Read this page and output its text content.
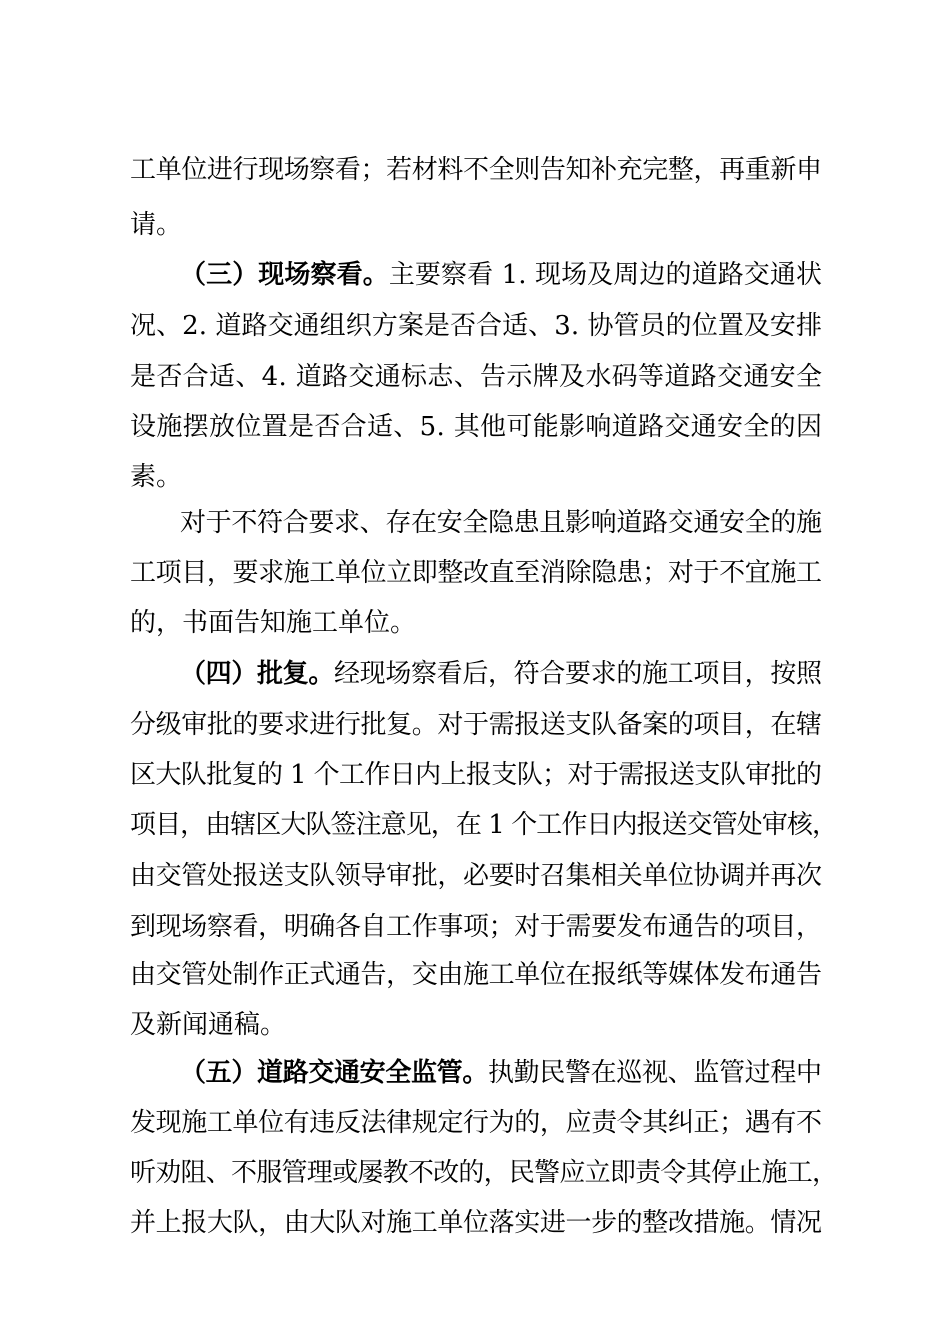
工单位进行现场察看；若材料不全则告知补充完整，再重新申
请。
（三）现场察看。主要察看 1. 现场及周边的道路交通状
况、2. 道路交通组织方案是否合适、3. 协管员的位置及安排
是否合适、4. 道路交通标志、告示牌及水码等道路交通安全
设施摆放位置是否合适、5. 其他可能影响道路交通安全的因
素。
对于不符合要求、存在安全隐患且影响道路交通安全的施
工项目，要求施工单位立即整改直至消除隐患；对于不宜施工
的，书面告知施工单位。
（四）批复。经现场察看后，符合要求的施工项目，按照
分级审批的要求进行批复。对于需报送支队备案的项目，在辖
区大队批复的 1 个工作日内上报支队；对于需报送支队审批的
项目，由辖区大队签注意见，在 1 个工作日内报送交管处审核，
由交管处报送支队领导审批，必要时召集相关单位协调并再次
到现场察看，明确各自工作事项；对于需要发布通告的项目，
由交管处制作正式通告，交由施工单位在报纸等媒体发布通告
及新闻通稿。
（五）道路交通安全监管。执勤民警在巡视、监管过程中
发现施工单位有违反法律规定行为的，应责令其纠正；遇有不
听劝阻、不服管理或屡教不改的，民警应立即责令其停止施工，
并上报大队，由大队对施工单位落实进一步的整改措施。情况
